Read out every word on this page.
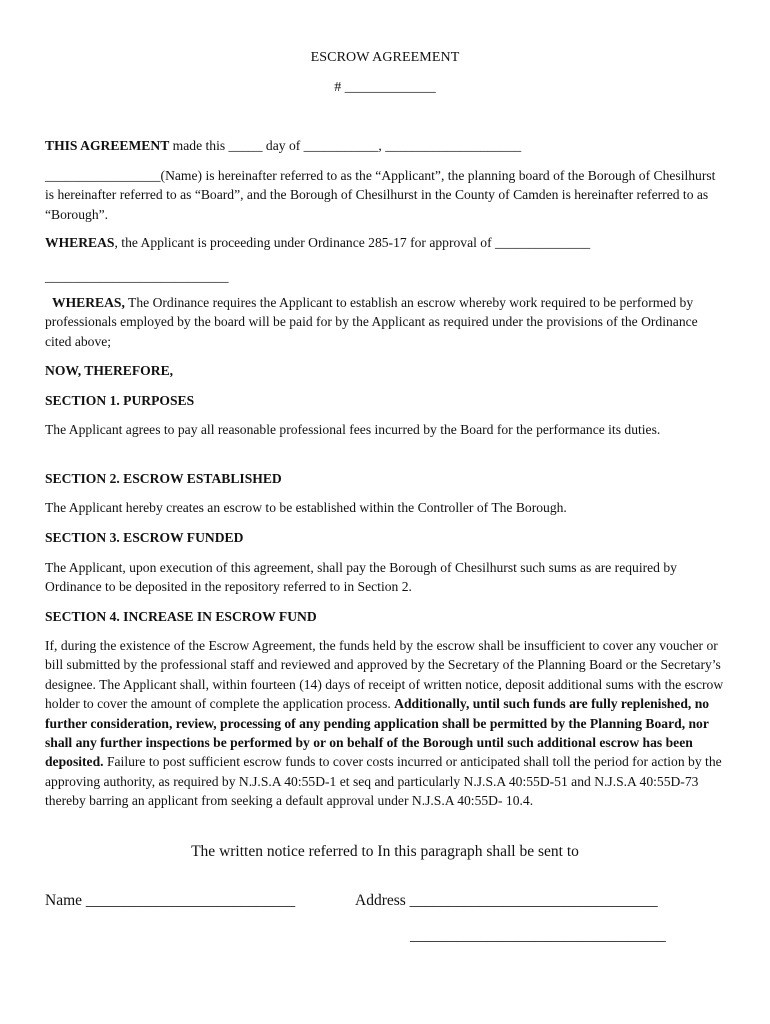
ESCROW AGREEMENT
# _____________

THIS AGREEMENT made this _____ day of ___________, ____________________

_________________(Name) is hereinafter referred to as the “Applicant”, the planning board of the Borough of Chesilhurst is hereinafter referred to as “Board”, and the Borough of Chesilhurst in the County of Camden is hereinafter referred to as “Borough”.

WHEREAS, the Applicant is proceeding under Ordinance 285-17 for approval of ______________

___________________________

WHEREAS, The Ordinance requires the Applicant to establish an escrow whereby work required to be performed by professionals employed by the board will be paid for by the Applicant as required under the provisions of the Ordinance cited above;

NOW, THEREFORE,

SECTION 1. PURPOSES

The Applicant agrees to pay all reasonable professional fees incurred by the Board for the performance its duties.

SECTION 2. ESCROW ESTABLISHED

The Applicant hereby creates an escrow to be established within the Controller of The Borough.

SECTION 3. ESCROW FUNDED

The Applicant, upon execution of this agreement, shall pay the Borough of Chesilhurst such sums as are required by Ordinance to be deposited in the repository referred to in Section 2.

SECTION 4. INCREASE IN ESCROW FUND

If, during the existence of the Escrow Agreement, the funds held by the escrow shall be insufficient to cover any voucher or bill submitted by the professional staff and reviewed and approved by the Secretary of the Planning Board or the Secretary’s designee. The Applicant shall, within fourteen (14) days of receipt of written notice, deposit additional sums with the escrow holder to cover the amount of complete the application process. Additionally, until such funds are fully replenished, no further consideration, review, processing of any pending application shall be permitted by the Planning Board, nor shall any further inspections be performed by or on behalf of the Borough until such additional escrow has been deposited. Failure to post sufficient escrow funds to cover costs incurred or anticipated shall toll the period for action by the approving authority, as required by N.J.S.A 40:55D-1 et seq and particularly N.J.S.A 40:55D-51 and N.J.S.A 40:55D-73 thereby barring an applicant from seeking a default approval under N.J.S.A 40:55D- 10.4.

The written notice referred to In this paragraph shall be sent to
Name ___________________________	Address ________________________________
_________________________________
